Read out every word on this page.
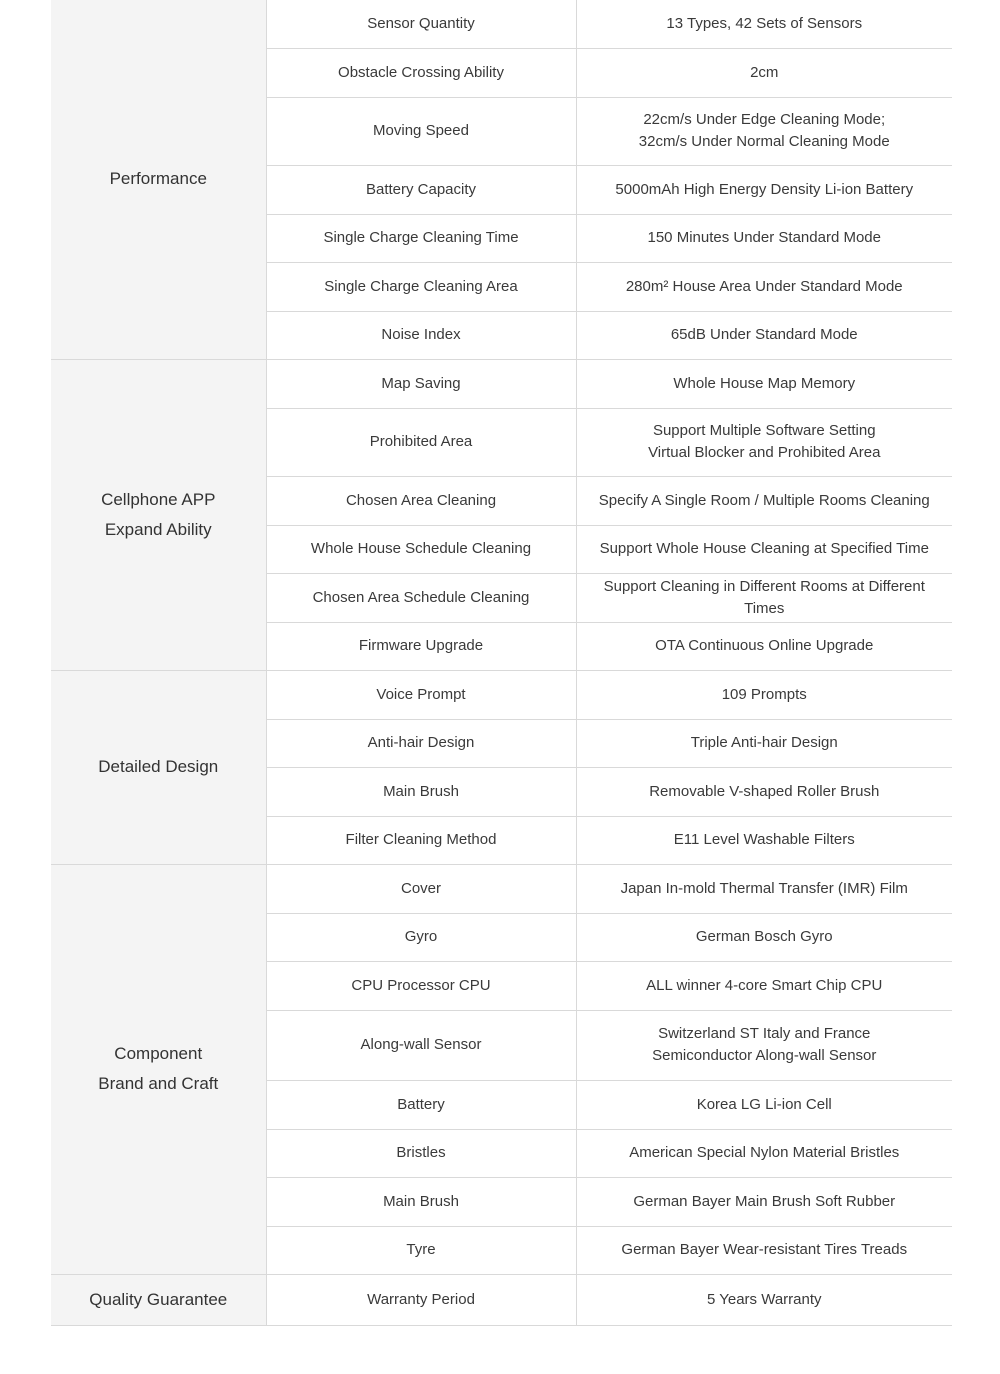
Performance	Sensor Quantity	13 Types, 42 Sets of Sensors
	Obstacle Crossing Ability	2cm
	Moving Speed	22cm/s Under Edge Cleaning Mode;
32cm/s Under Normal Cleaning Mode
	Battery Capacity	5000mAh High Energy Density Li-ion Battery
	Single Charge Cleaning Time	150 Minutes Under Standard Mode
	Single Charge Cleaning Area	280m² House Area Under Standard Mode
	Noise Index	65dB Under Standard Mode
Cellphone APP
Expand Ability	Map Saving	Whole House Map Memory
	Prohibited Area	Support Multiple Software Setting
Virtual Blocker and Prohibited Area
	Chosen Area Cleaning	Specify A Single Room / Multiple Rooms Cleaning
	Whole House Schedule Cleaning	Support Whole House Cleaning at Specified Time
	Chosen Area Schedule Cleaning	Support Cleaning in Different Rooms at Different Times
	Firmware Upgrade	OTA Continuous Online Upgrade
Detailed Design	Voice Prompt	109 Prompts
	Anti-hair Design	Triple Anti-hair Design
	Main Brush	Removable V-shaped Roller Brush
	Filter Cleaning Method	E11 Level Washable Filters
Component
Brand and Craft	Cover	Japan In-mold Thermal Transfer (IMR) Film
	Gyro	German Bosch Gyro
	CPU Processor CPU	ALL winner 4-core Smart Chip CPU
	Along-wall Sensor	Switzerland ST Italy and France
Semiconductor Along-wall Sensor
	Battery	Korea LG Li-ion Cell
	Bristles	American Special Nylon Material Bristles
	Main Brush	German Bayer Main Brush Soft Rubber
	Tyre	German Bayer Wear-resistant Tires Treads
Quality Guarantee	Warranty Period	5 Years Warranty
